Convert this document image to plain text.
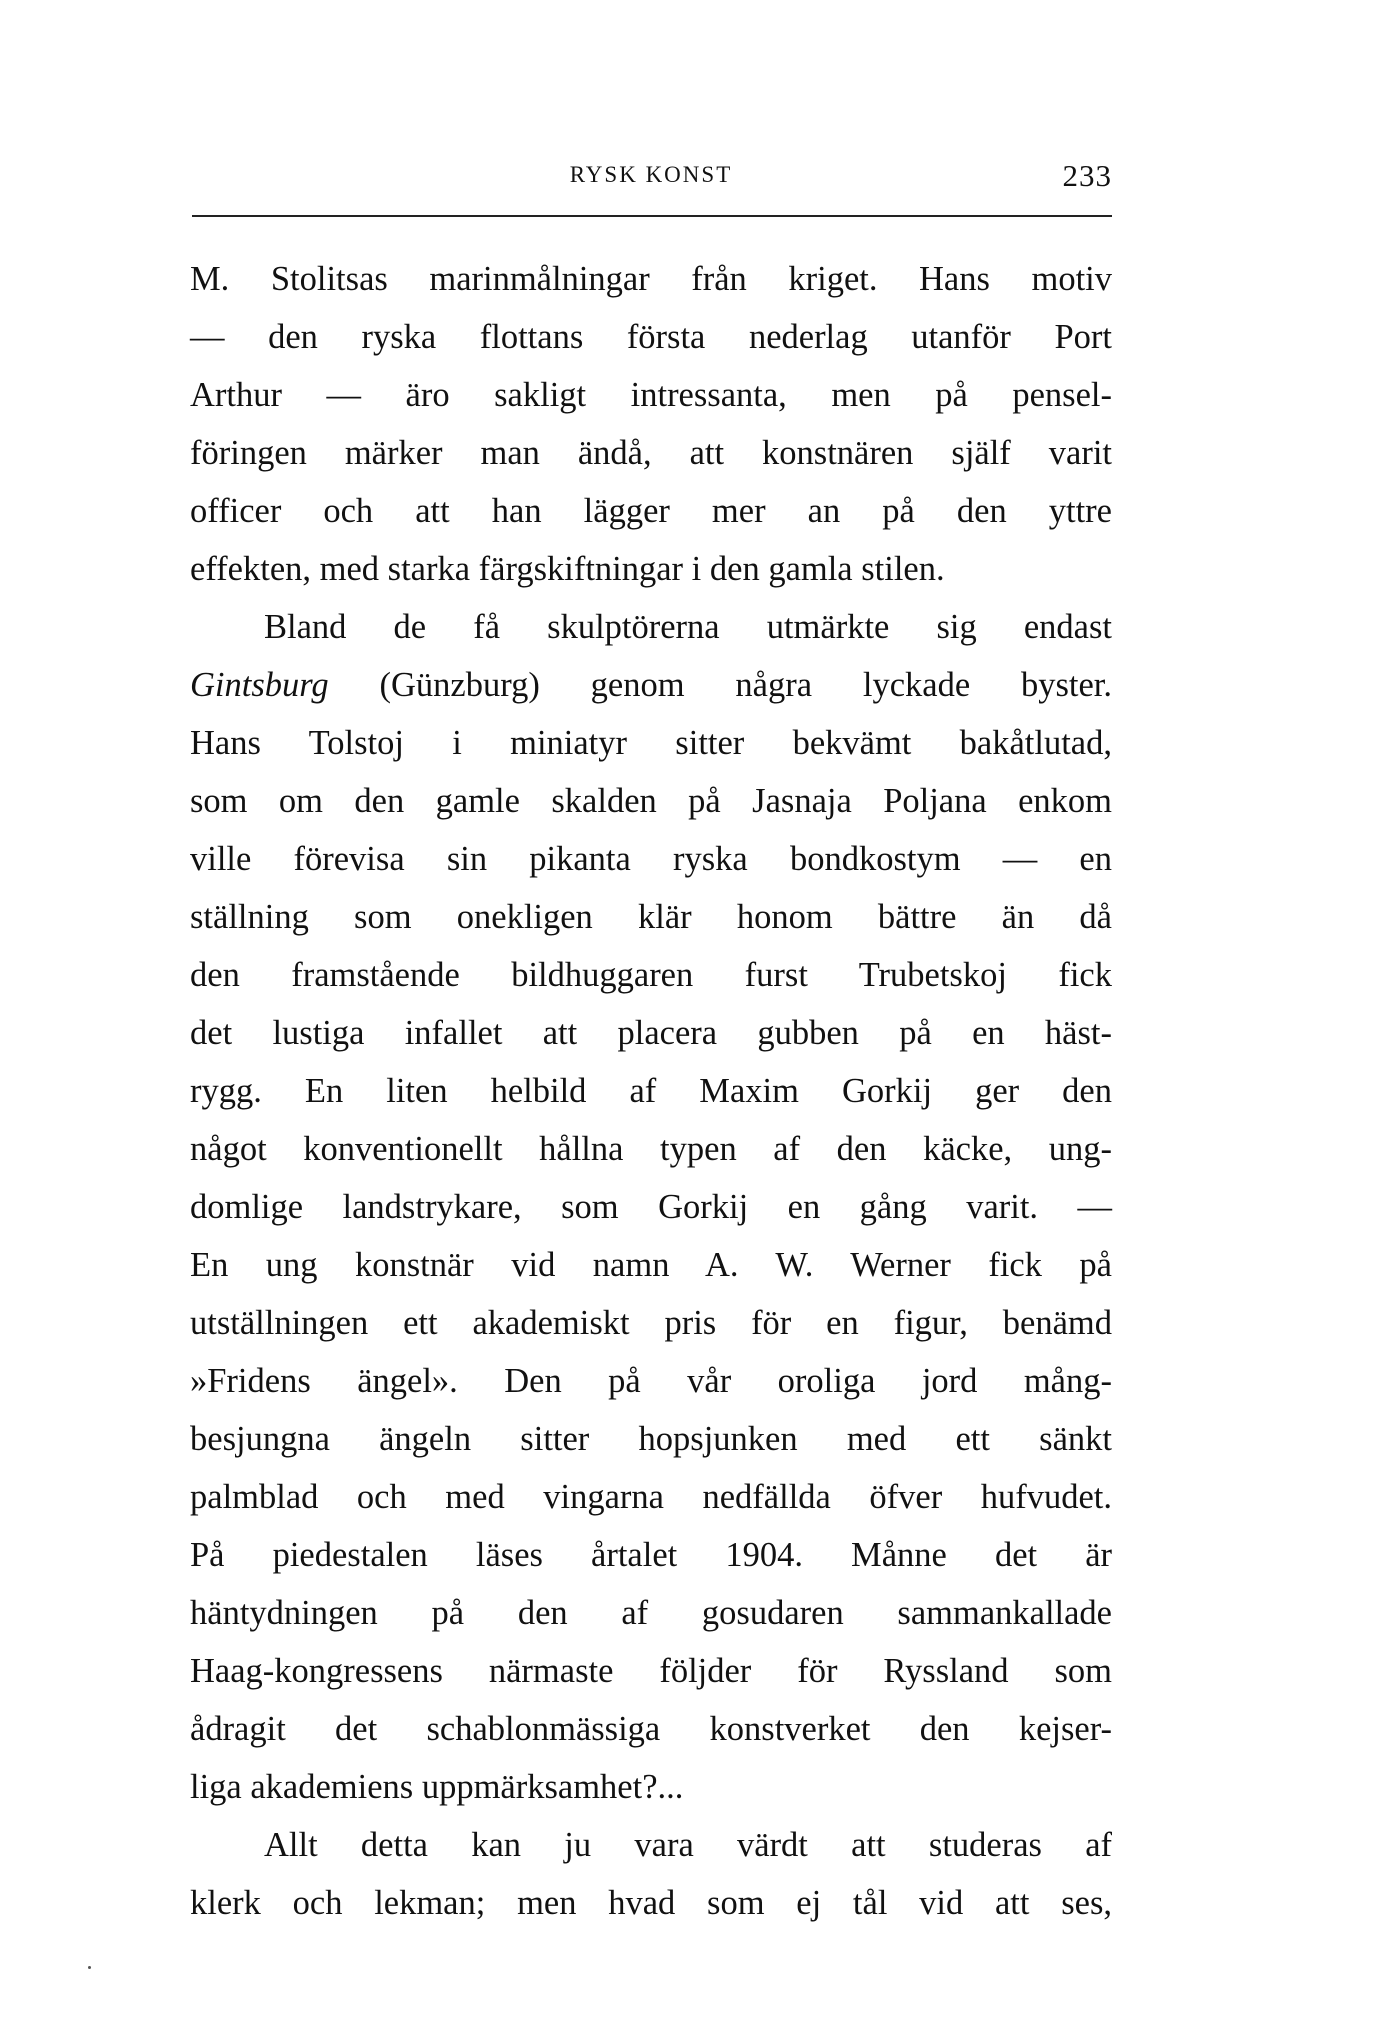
RYSK KONST	233
M. Stolitsas marinmålningar från kriget. Hans motiv
— den ryska flottans första nederlag utanför Port
Arthur — äro sakligt intressanta, men på pensel-
föringen märker man ändå, att konstnären själf varit
officer och att han lägger mer an på den yttre
effekten, med starka färgskiftningar i den gamla stilen.
Bland de få skulptörerna utmärkte sig endast
Gintsburg (Günzburg) genom några lyckade byster.
Hans Tolstoj i miniatyr sitter bekvämt bakåtlutad,
som om den gamle skalden på Jasnaja Poljana enkom
ville förevisa sin pikanta ryska bondkostym — en
ställning som onekligen klär honom bättre än då
den framstående bildhuggaren furst Trubetskoj fick
det lustiga infallet att placera gubben på en häst-
rygg. En liten helbild af Maxim Gorkij ger den
något konventionellt hållna typen af den käcke, ung-
domlige landstrykare, som Gorkij en gång varit. —
En ung konstnär vid namn A. W. Werner fick på
utställningen ett akademiskt pris för en figur, benämd
»Fridens ängel». Den på vår oroliga jord mång-
besjungna ängeln sitter hopsjunken med ett sänkt
palmblad och med vingarna nedfällda öfver hufvudet.
På piedestalen läses årtalet 1904. Månne det är
häntydningen på den af gosudaren sammankallade
Haag-kongressens närmaste följder för Ryssland som
ådragit det schablonmässiga konstverket den kejser-
liga akademiens uppmärksamhet?...
Allt detta kan ju vara värdt att studeras af
klerk och lekman; men hvad som ej tål vid att ses,
